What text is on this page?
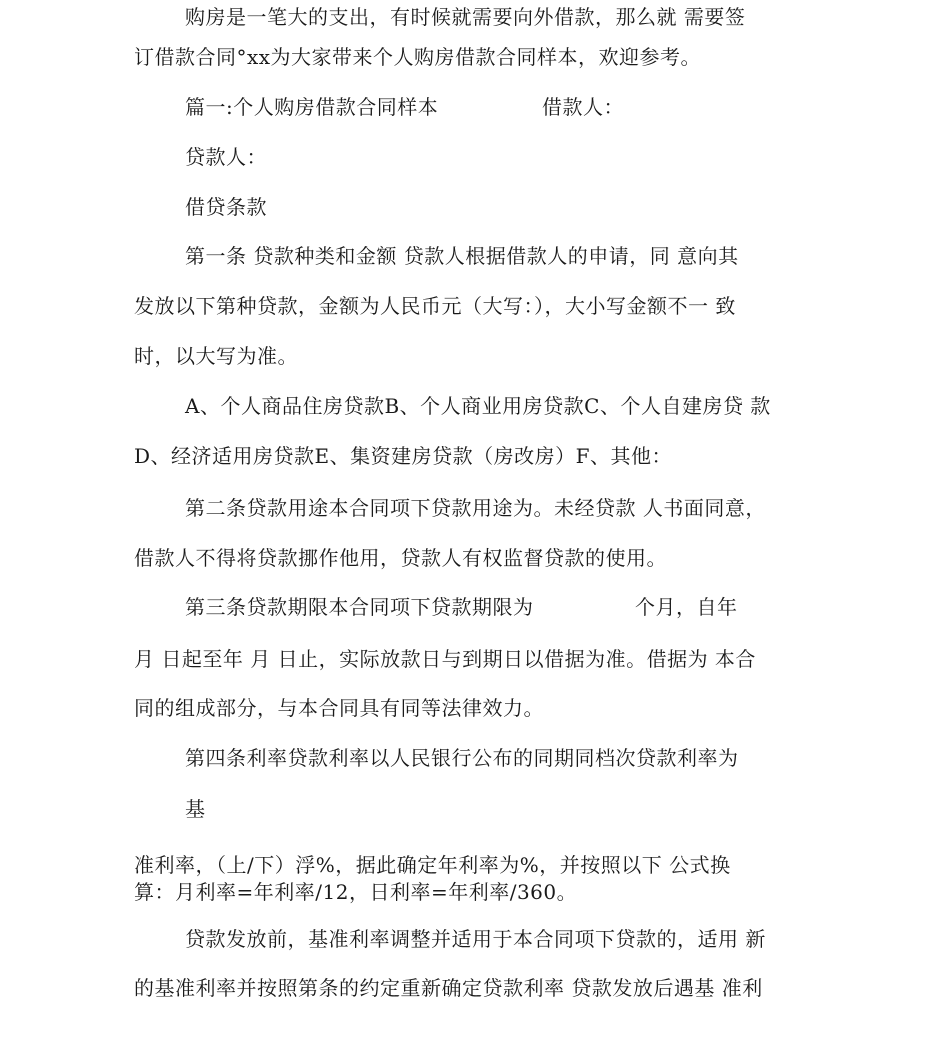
购房是一笔大的支出，有时候就需要向外借款，那么就 需要签
订借款合同°xx为大家带来个人购房借款合同样本，欢迎参考。
篇一:个人购房借款合同样本	借款人：
贷款人：
借贷条款
第一条 贷款种类和金额 贷款人根据借款人的申请，同 意向其
发放以下第种贷款，金额为人民币元（大写：），大小写金额不一 致
时，以大写为准。
A、个人商品住房贷款B、个人商业用房贷款C、个人自建房贷 款
D、经济适用房贷款E、集资建房贷款（房改房）F、其他：
第二条贷款用途本合同项下贷款用途为。未经贷款 人书面同意，
借款人不得将贷款挪作他用，贷款人有权监督贷款的使用。
第三条贷款期限本合同项下贷款期限为	个月，自年
月 日起至年 月 日止，实际放款日与到期日以借据为准。借据为 本合
同的组成部分，与本合同具有同等法律效力。
第四条利率贷款利率以人民银行公布的同期同档次贷款利率为
基
准利率，（上/下）浮%，据此确定年利率为%，并按照以下 公式换
算：月利率=年利率/12，日利率=年利率/360。
贷款发放前，基准利率调整并适用于本合同项下贷款的，适用 新
的基准利率并按照第条的约定重新确定贷款利率 贷款发放后遇基 准利
